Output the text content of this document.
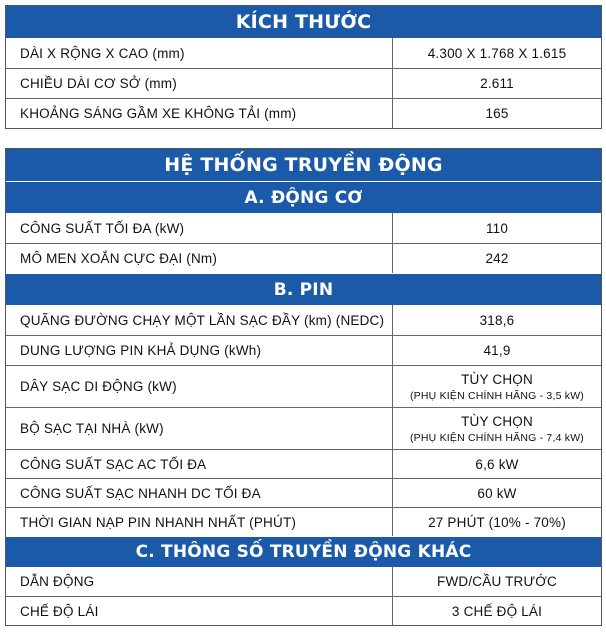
KÍCH THƯỚC
DÀI X RỘNG X CAO (mm)	4.300 X 1.768 X 1.615
CHIỀU DÀI CƠ SỞ (mm)	2.611
KHOẢNG SÁNG GẦM XE KHÔNG TẢI (mm)	165
HỆ THỐNG TRUYỀN ĐỘNG
A. ĐỘNG CƠ
CÔNG SUẤT TỐI ĐA (kW)	110
MÔ MEN XOẮN CỰC ĐẠI (Nm)	242
B. PIN
QUÃNG ĐƯỜNG CHẠY MỘT LẦN SẠC ĐẦY (km) (NEDC)	318,6
DUNG LƯỢNG PIN KHẢ DỤNG (kWh)	41,9
DÂY SẠC DI ĐỘNG (kW)	TÙY CHỌN
(PHỤ KIỆN CHÍNH HÃNG - 3,5 kW)
BỘ SẠC TẠI NHÀ (kW)	TÙY CHỌN
(PHỤ KIỆN CHÍNH HÃNG - 7,4 kW)
CÔNG SUẤT SẠC AC TỐI ĐA	6,6 kW
CÔNG SUẤT SẠC NHANH DC TỐI ĐA	60 kW
THỜI GIAN NẠP PIN NHANH NHẤT (PHÚT)	27 PHÚT (10% - 70%)
C. THÔNG SỐ TRUYỀN ĐỘNG KHÁC
DẪN ĐỘNG	FWD/CẦU TRƯỚC
CHẾ ĐỘ LÁI	3 CHẾ ĐỘ LÁI
